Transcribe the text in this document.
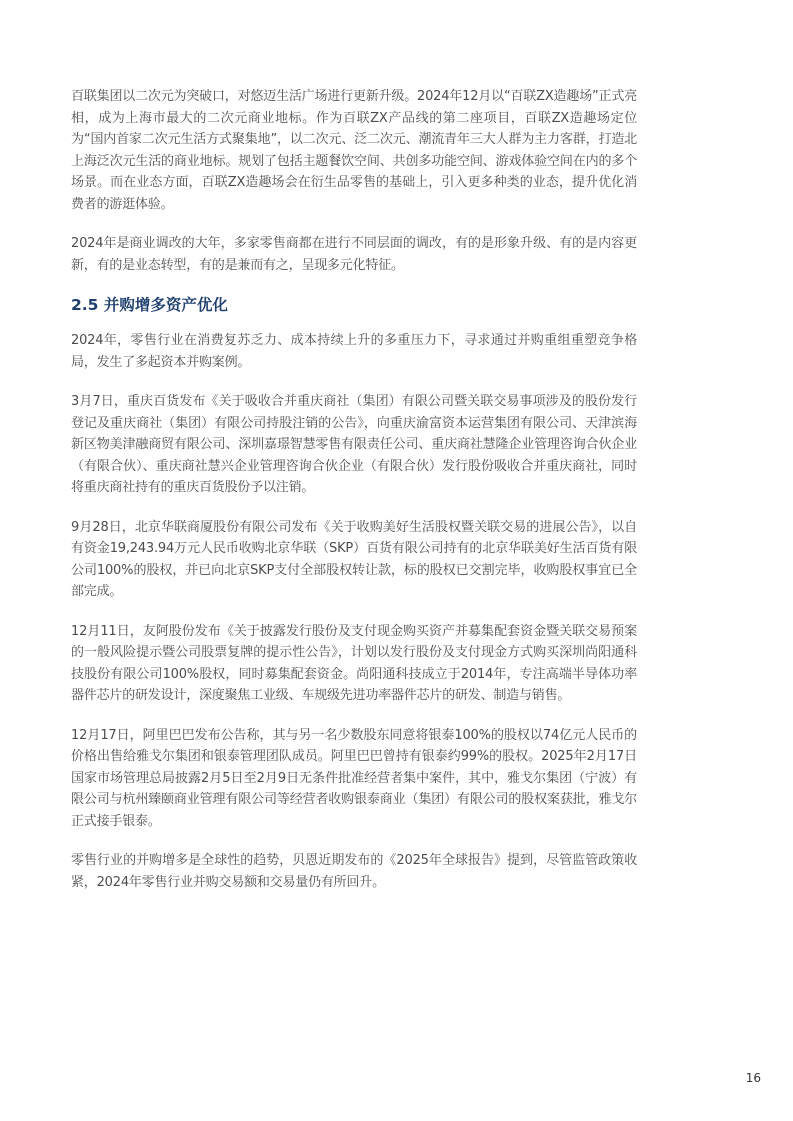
百联集团以二次元为突破口，对悠迈生活广场进行更新升级。2024年12月以“百联ZX造趣场”正式亮相，成为上海市最大的二次元商业地标。作为百联ZX产品线的第二座项目，百联ZX造趣场定位为“国内首家二次元生活方式聚集地”，以二次元、泛二次元、潮流青年三大人群为主力客群，打造北上海泛次元生活的商业地标。规划了包括主题餐饮空间、共创多功能空间、游戏体验空间在内的多个场景。而在业态方面，百联ZX造趣场会在衍生品零售的基础上，引入更多种类的业态，提升优化消费者的游逛体验。

2024年是商业调改的大年，多家零售商都在进行不同层面的调改，有的是形象升级、有的是内容更新，有的是业态转型，有的是兼而有之，呈现多元化特征。

2.5 并购增多资产优化

2024年，零售行业在消费复苏乏力、成本持续上升的多重压力下，寻求通过并购重组重塑竞争格局，发生了多起资本并购案例。

3月7日，重庆百货发布《关于吸收合并重庆商社（集团）有限公司暨关联交易事项涉及的股份发行登记及重庆商社（集团）有限公司持股注销的公告》，向重庆渝富资本运营集团有限公司、天津滨海新区物美津融商贸有限公司、深圳嘉璟智慧零售有限责任公司、重庆商社慧隆企业管理咨询合伙企业（有限合伙）、重庆商社慧兴企业管理咨询合伙企业（有限合伙）发行股份吸收合并重庆商社，同时将重庆商社持有的重庆百货股份予以注销。

9月28日，北京华联商厦股份有限公司发布《关于收购美好生活股权暨关联交易的进展公告》，以自有资金19,243.94万元人民币收购北京华联（SKP）百货有限公司持有的北京华联美好生活百货有限公司100%的股权，并已向北京SKP支付全部股权转让款，标的股权已交割完毕，收购股权事宜已全部完成。

12月11日，友阿股份发布《关于披露发行股份及支付现金购买资产并募集配套资金暨关联交易预案的一般风险提示暨公司股票复牌的提示性公告》，计划以发行股份及支付现金方式购买深圳尚阳通科技股份有限公司100%股权，同时募集配套资金。尚阳通科技成立于2014年，专注高端半导体功率器件芯片的研发设计，深度聚焦工业级、车规级先进功率器件芯片的研发、制造与销售。

12月17日，阿里巴巴发布公告称，其与另一名少数股东同意将银泰100%的股权以74亿元人民币的价格出售给雅戈尔集团和银泰管理团队成员。阿里巴巴曾持有银泰约99%的股权。2025年2月17日国家市场管理总局披露2月5日至2月9日无条件批准经营者集中案件，其中，雅戈尔集团（宁波）有限公司与杭州臻颐商业管理有限公司等经营者收购银泰商业（集团）有限公司的股权案获批，雅戈尔正式接手银泰。

零售行业的并购增多是全球性的趋势，贝恩近期发布的《2025年全球报告》提到，尽管监管政策收紧，2024年零售行业并购交易额和交易量仍有所回升。

16
